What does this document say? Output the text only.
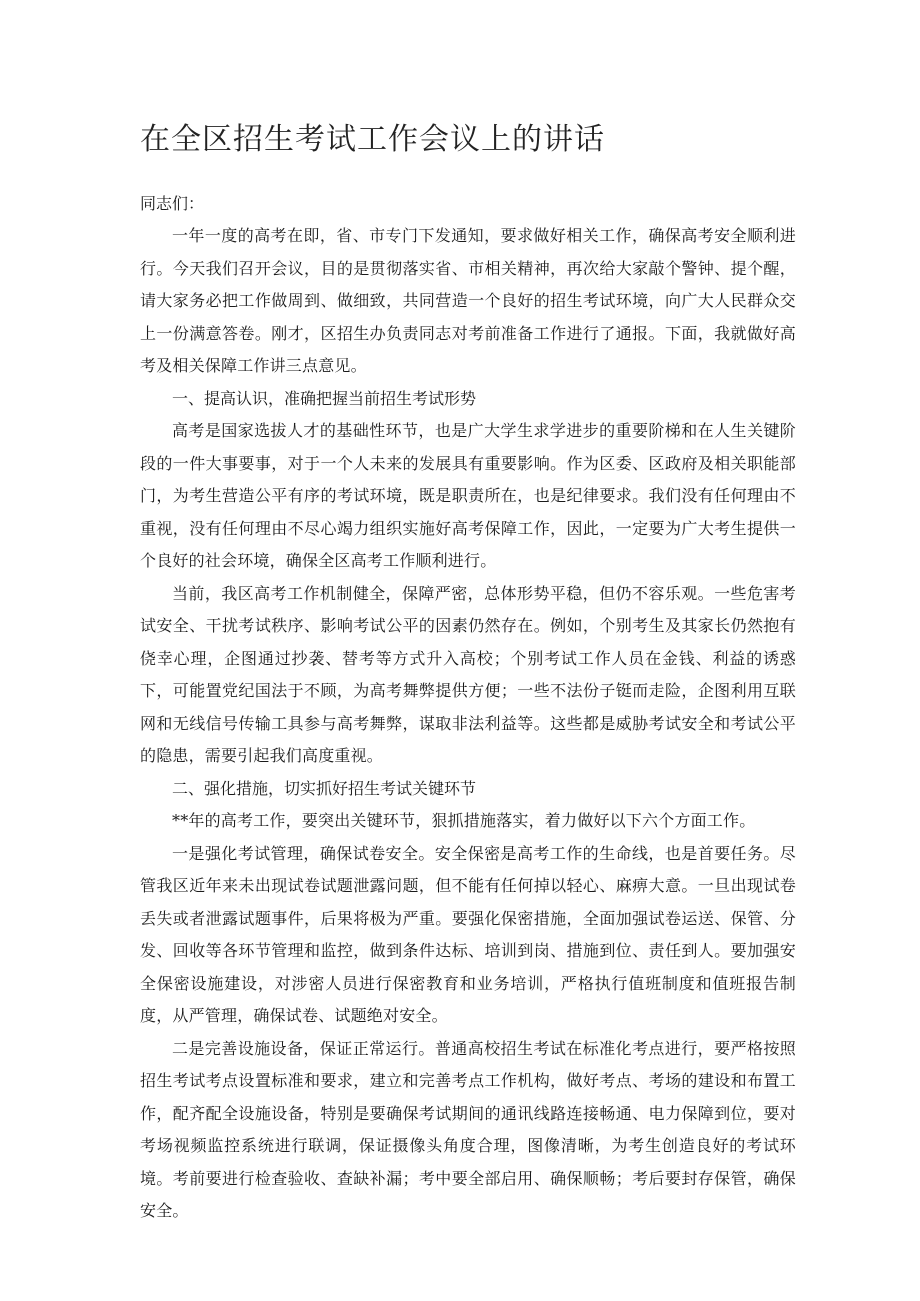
在全区招生考试工作会议上的讲话

同志们：

一年一度的高考在即，省、市专门下发通知，要求做好相关工作，确保高考安全顺利进行。今天我们召开会议，目的是贯彻落实省、市相关精神，再次给大家敲个警钟、提个醒，请大家务必把工作做周到、做细致，共同营造一个良好的招生考试环境，向广大人民群众交上一份满意答卷。刚才，区招生办负责同志对考前准备工作进行了通报。下面，我就做好高考及相关保障工作讲三点意见。

一、提高认识，准确把握当前招生考试形势

高考是国家选拔人才的基础性环节，也是广大学生求学进步的重要阶梯和在人生关键阶段的一件大事要事，对于一个人未来的发展具有重要影响。作为区委、区政府及相关职能部门，为考生营造公平有序的考试环境，既是职责所在，也是纪律要求。我们没有任何理由不重视，没有任何理由不尽心竭力组织实施好高考保障工作，因此，一定要为广大考生提供一个良好的社会环境，确保全区高考工作顺利进行。

当前，我区高考工作机制健全，保障严密，总体形势平稳，但仍不容乐观。一些危害考试安全、干扰考试秩序、影响考试公平的因素仍然存在。例如，个别考生及其家长仍然抱有侥幸心理，企图通过抄袭、替考等方式升入高校；个别考试工作人员在金钱、利益的诱惑下，可能置党纪国法于不顾，为高考舞弊提供方便；一些不法份子铤而走险，企图利用互联网和无线信号传输工具参与高考舞弊，谋取非法利益等。这些都是威胁考试安全和考试公平的隐患，需要引起我们高度重视。

二、强化措施，切实抓好招生考试关键环节

**年的高考工作，要突出关键环节，狠抓措施落实，着力做好以下六个方面工作。

一是强化考试管理，确保试卷安全。安全保密是高考工作的生命线，也是首要任务。尽管我区近年来未出现试卷试题泄露问题，但不能有任何掉以轻心、麻痹大意。一旦出现试卷丢失或者泄露试题事件，后果将极为严重。要强化保密措施，全面加强试卷运送、保管、分发、回收等各环节管理和监控，做到条件达标、培训到岗、措施到位、责任到人。要加强安全保密设施建设，对涉密人员进行保密教育和业务培训，严格执行值班制度和值班报告制度，从严管理，确保试卷、试题绝对安全。

二是完善设施设备，保证正常运行。普通高校招生考试在标准化考点进行，要严格按照招生考试考点设置标准和要求，建立和完善考点工作机构，做好考点、考场的建设和布置工作，配齐配全设施设备，特别是要确保考试期间的通讯线路连接畅通、电力保障到位，要对考场视频监控系统进行联调，保证摄像头角度合理，图像清晰，为考生创造良好的考试环境。考前要进行检查验收、查缺补漏；考中要全部启用、确保顺畅；考后要封存保管，确保安全。
